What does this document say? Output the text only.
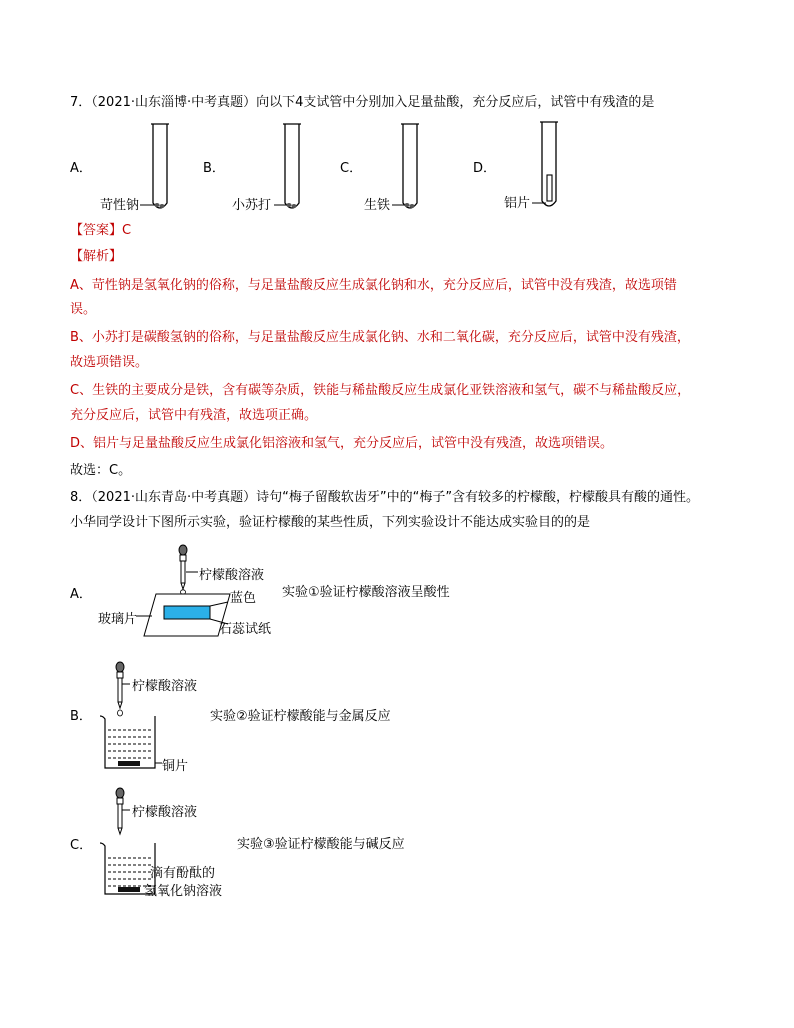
7．（2021·山东淄博·中考真题）向以下4支试管中分别加入足量盐酸，充分反应后，试管中有残渣的是
A．	B．	C．	D．
苛性钠	小苏打	生铁	铝片
【答案】C
【解析】
A、苛性钠是氢氧化钠的俗称，与足量盐酸反应生成氯化钠和水，充分反应后，试管中没有残渣，故选项错
误。
B、小苏打是碳酸氢钠的俗称，与足量盐酸反应生成氯化钠、水和二氧化碳，充分反应后，试管中没有残渣，
故选项错误。
C、生铁的主要成分是铁，含有碳等杂质，铁能与稀盐酸反应生成氯化亚铁溶液和氢气，碳不与稀盐酸反应，
充分反应后，试管中有残渣，故选项正确。
D、铝片与足量盐酸反应生成氯化铝溶液和氢气，充分反应后，试管中没有残渣，故选项错误。
故选：C。
8．（2021·山东青岛·中考真题）诗句“梅子留酸软齿牙”中的“梅子”含有较多的柠檬酸，柠檬酸具有酸的通性。
小华同学设计下图所示实验，验证柠檬酸的某些性质，下列实验设计不能达成实验目的的是
A．
柠檬酸溶液
玻璃片
蓝色
石蕊试纸
实验①验证柠檬酸溶液呈酸性
B．
柠檬酸溶液
铜片
实验②验证柠檬酸能与金属反应
C．
柠檬酸溶液
滴有酚酞的
氢氧化钠溶液
实验③验证柠檬酸能与碱反应
